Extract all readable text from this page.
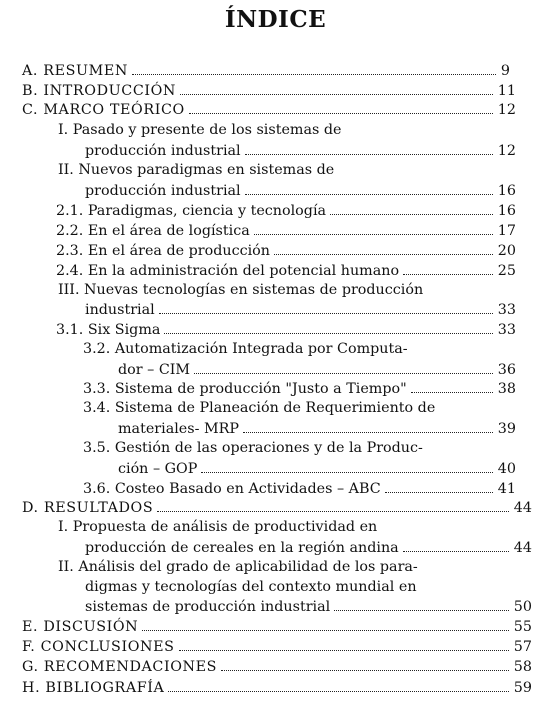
ÍNDICE
A. RESUMEN	9
B. INTRODUCCIÓN	11
C. MARCO TEÓRICO	12
I. Pasado y presente de los sistemas de
producción industrial	12
II. Nuevos paradigmas en sistemas de
producción industrial	16
2.1. Paradigmas, ciencia y tecnología	16
2.2. En el área de logística	17
2.3. En el área de producción	20
2.4. En la administración del potencial humano	25
III. Nuevas tecnologías en sistemas de producción
industrial	33
3.1. Six Sigma	33
3.2. Automatización Integrada por Computa-
dor – CIM	36
3.3. Sistema de producción "Justo a Tiempo"	38
3.4. Sistema de Planeación de Requerimiento de
materiales- MRP	39
3.5. Gestión de las operaciones y de la Produc-
ción – GOP	40
3.6. Costeo Basado en Actividades – ABC	41
D. RESULTADOS	44
I. Propuesta de análisis de productividad en
producción de cereales en la región andina	44
II. Análisis del grado de aplicabilidad de los para-
digmas y tecnologías del contexto mundial en
sistemas de producción industrial	50
E. DISCUSIÓN	55
F. CONCLUSIONES	57
G. RECOMENDACIONES	58
H. BIBLIOGRAFÍA	59
